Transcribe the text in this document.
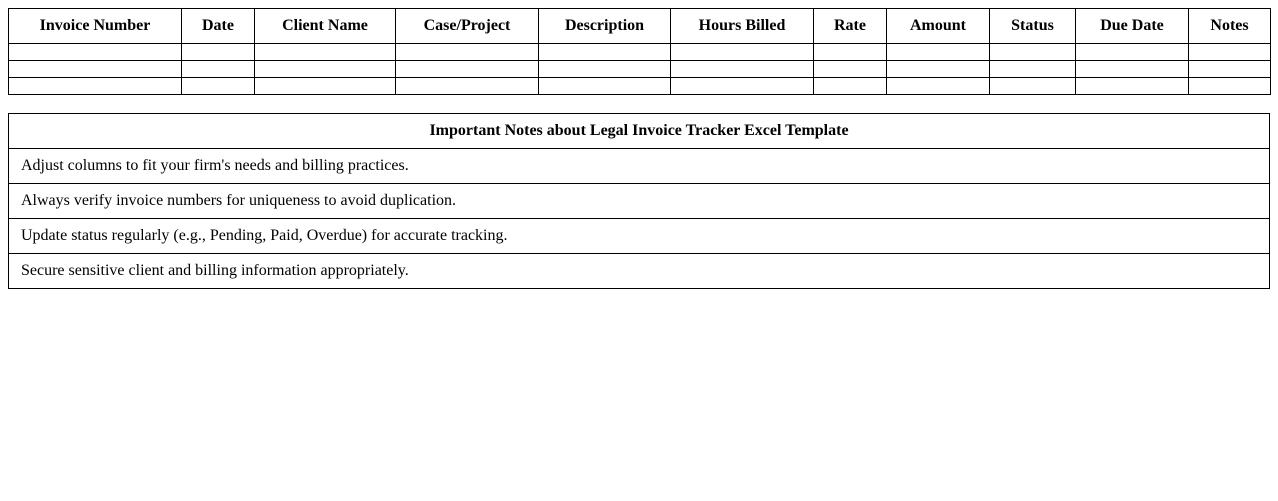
Invoice Number	Date	Client Name	Case/Project	Description	Hours Billed	Rate	Amount	Status	Due Date	Notes

Important Notes about Legal Invoice Tracker Excel Template
Adjust columns to fit your firm's needs and billing practices.
Always verify invoice numbers for uniqueness to avoid duplication.
Update status regularly (e.g., Pending, Paid, Overdue) for accurate tracking.
Secure sensitive client and billing information appropriately.
